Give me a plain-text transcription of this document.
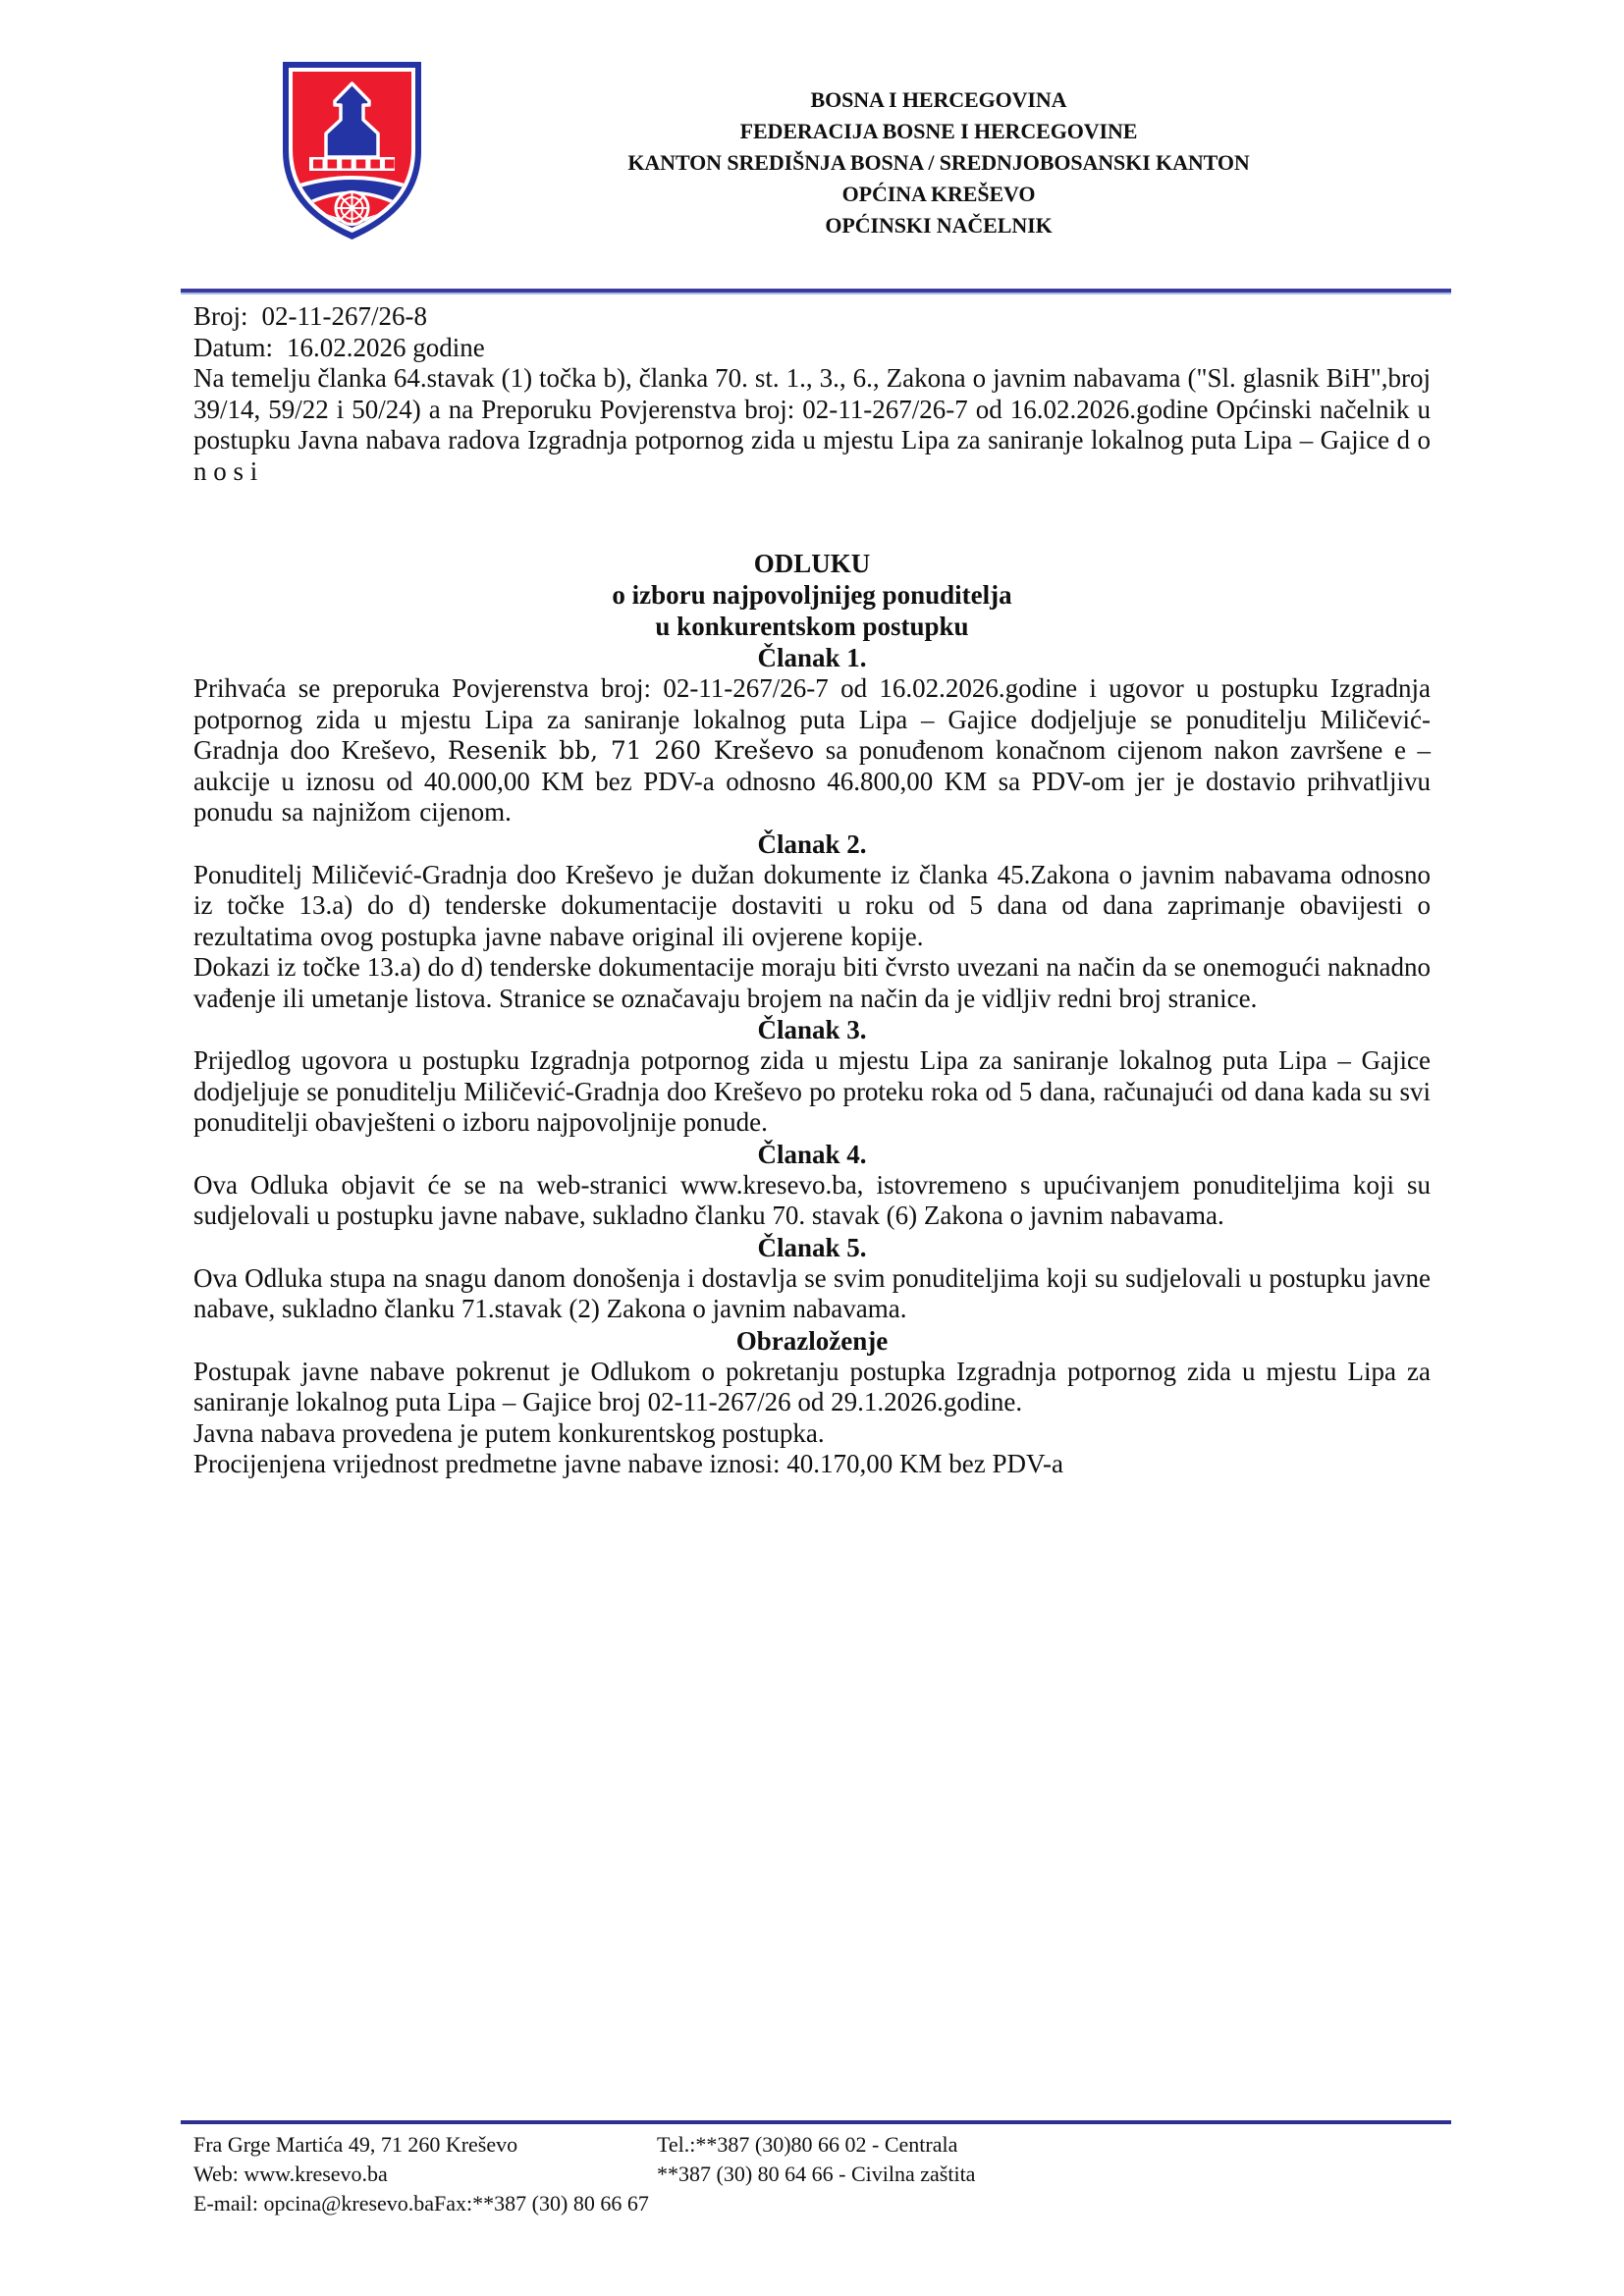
BOSNA I HERCEGOVINA
FEDERACIJA BOSNE I HERCEGOVINE
KANTON SREDIŠNJA BOSNA / SREDNJOBOSANSKI KANTON
OPĆINA KREŠEVO
OPĆINSKI NAČELNIK
Broj: 02-11-267/26-8
Datum: 16.02.2026 godine

Na temelju članka 64.stavak (1) točka b), članka 70. st. 1., 3., 6., Zakona o javnim nabavama ("Sl. glasnik BiH",broj 39/14, 59/22 i 50/24) a na Preporuku Povjerenstva broj: 02-11-267/26-7 od 16.02.2026.godine Općinski načelnik u postupku Javna nabava radova Izgradnja potpornog zida u mjestu Lipa za saniranje lokalnog puta Lipa – Gajice d o n o s i

ODLUKU
o izboru najpovoljnijeg ponuditelja
u konkurentskom postupku
Članak 1.

Prihvaća se preporuka Povjerenstva broj: 02-11-267/26-7 od 16.02.2026.godine i ugovor u postupku Izgradnja potpornog zida u mjestu Lipa za saniranje lokalnog puta Lipa – Gajice dodjeljuje se ponuditelju Miličević-Gradnja doo Kreševo, Resenik bb, 71 260 Kreševo sa ponuđenom konačnom cijenom nakon završene e – aukcije u iznosu od 40.000,00 KM bez PDV-a odnosno 46.800,00 KM sa PDV-om jer je dostavio prihvatljivu ponudu sa najnižom cijenom.

Članak 2.

Ponuditelj Miličević-Gradnja doo Kreševo je dužan dokumente iz članka 45.Zakona o javnim nabavama odnosno iz točke 13.a) do d) tenderske dokumentacije dostaviti u roku od 5 dana od dana zaprimanje obavijesti o rezultatima ovog postupka javne nabave original ili ovjerene kopije.

Dokazi iz točke 13.a) do d) tenderske dokumentacije moraju biti čvrsto uvezani na način da se onemogući naknadno vađenje ili umetanje listova. Stranice se označavaju brojem na način da je vidljiv redni broj stranice.

Članak 3.

Prijedlog ugovora u postupku Izgradnja potpornog zida u mjestu Lipa za saniranje lokalnog puta Lipa – Gajice dodjeljuje se ponuditelju Miličević-Gradnja doo Kreševo po proteku roka od 5 dana, računajući od dana kada su svi ponuditelji obavješteni o izboru najpovoljnije ponude.

Članak 4.

Ova Odluka objavit će se na web-stranici www.kresevo.ba, istovremeno s upućivanjem ponuditeljima koji su sudjelovali u postupku javne nabave, sukladno članku 70. stavak (6) Zakona o javnim nabavama.

Članak 5.

Ova Odluka stupa na snagu danom donošenja i dostavlja se svim ponuditeljima koji su sudjelovali u postupku javne nabave, sukladno članku 71.stavak (2) Zakona o javnim nabavama.

Obrazloženje

Postupak javne nabave pokrenut je Odlukom o pokretanju postupka Izgradnja potpornog zida u mjestu Lipa za saniranje lokalnog puta Lipa – Gajice broj 02-11-267/26 od 29.1.2026.godine.

Javna nabava provedena je putem konkurentskog postupka.

Procijenjena vrijednost predmetne javne nabave iznosi: 40.170,00 KM bez PDV-a

Fra Grge Martića 49, 71 260 Kreševo	Tel.:**387 (30)80 66 02 - Centrala
Web: www.kresevo.ba	**387 (30) 80 64 66 - Civilna zaštita
E-mail: opcina@kresevo.baFax:**387 (30) 80 66 67
